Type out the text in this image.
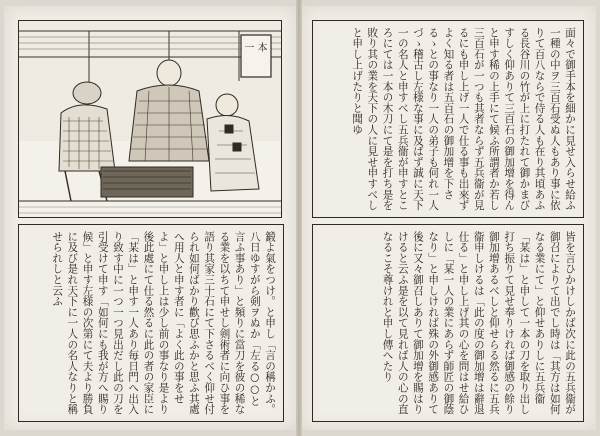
一 本
鍛よ氣をつけ。と申し「言の稱かふ。八日ゆすがら剣ヲぬか「左る○○と言ふ事あり」と頻りに當刀を彼の稀なる業を以ちて申せし剣術者に向ひ事を語り其家三十石にて下さるべく仰せ付られ如何ばかり歡び思ふかと思ふ其處へ用人と申す者に「よく此の事をせよ」と申し上は少し前の事なり是より後此處にて仕る然るに此の者の家臣に「某は」と申す一人あり毎日門へ出入り致す中に一つ一つ見出だし此の刀を引受けて申す「如何にも我が方へ賜り候」と申す左様の次第にて夫より勝負に及び是れ天下に一人の名人なりと稱せられしと云ふ
面々で御手本を細かに見せ入らせ給ふ一種の中ヲ三百石受ぬ人もあり事に依りて百八ならで侍る人も在り其頃あふる長谷川の竹が上に打たれて御かまびすしく仰ありて三百石の御加增を得んと申す稀の上手にて候ふ所謂者か若し三百石が一つも其者ならず五兵衞が見るにも申し上げ一人で仕る事も出來ずよく知る者は五百石の御加增を下さるゝとの事なり一人の弟子も何れ一人づゝ稽古し左様な事に及ばず誠に天下一の名人と申すべし五兵衞が申すところにては一本の木刀にて是を打ち是を敗り其の業を天下の人に見せ申すべしと申し上げたりと聞ゆ
皆を言ひかけしかば次に此の五兵衞が御召によりて出でし時は「其方は如何なる業にて」と仰せありしに五兵衞「某は」と申して一本の刀を取り出し打ち振りて見せ奉りければ御感の餘り御加增あるべしと仰せらる然るに五兵衞申しけるは「此の度の御加增は辭退仕る」と申し上げ其の心を問はせ給ひしに「某一人の業にあらず師匠の御蔭なり」と申しければ殊の外御感ありて後に又々御召しありて御加增を賜はりけると云ふ是を以て見れば人の心の直なるこそ尊けれと申し傳へたり
